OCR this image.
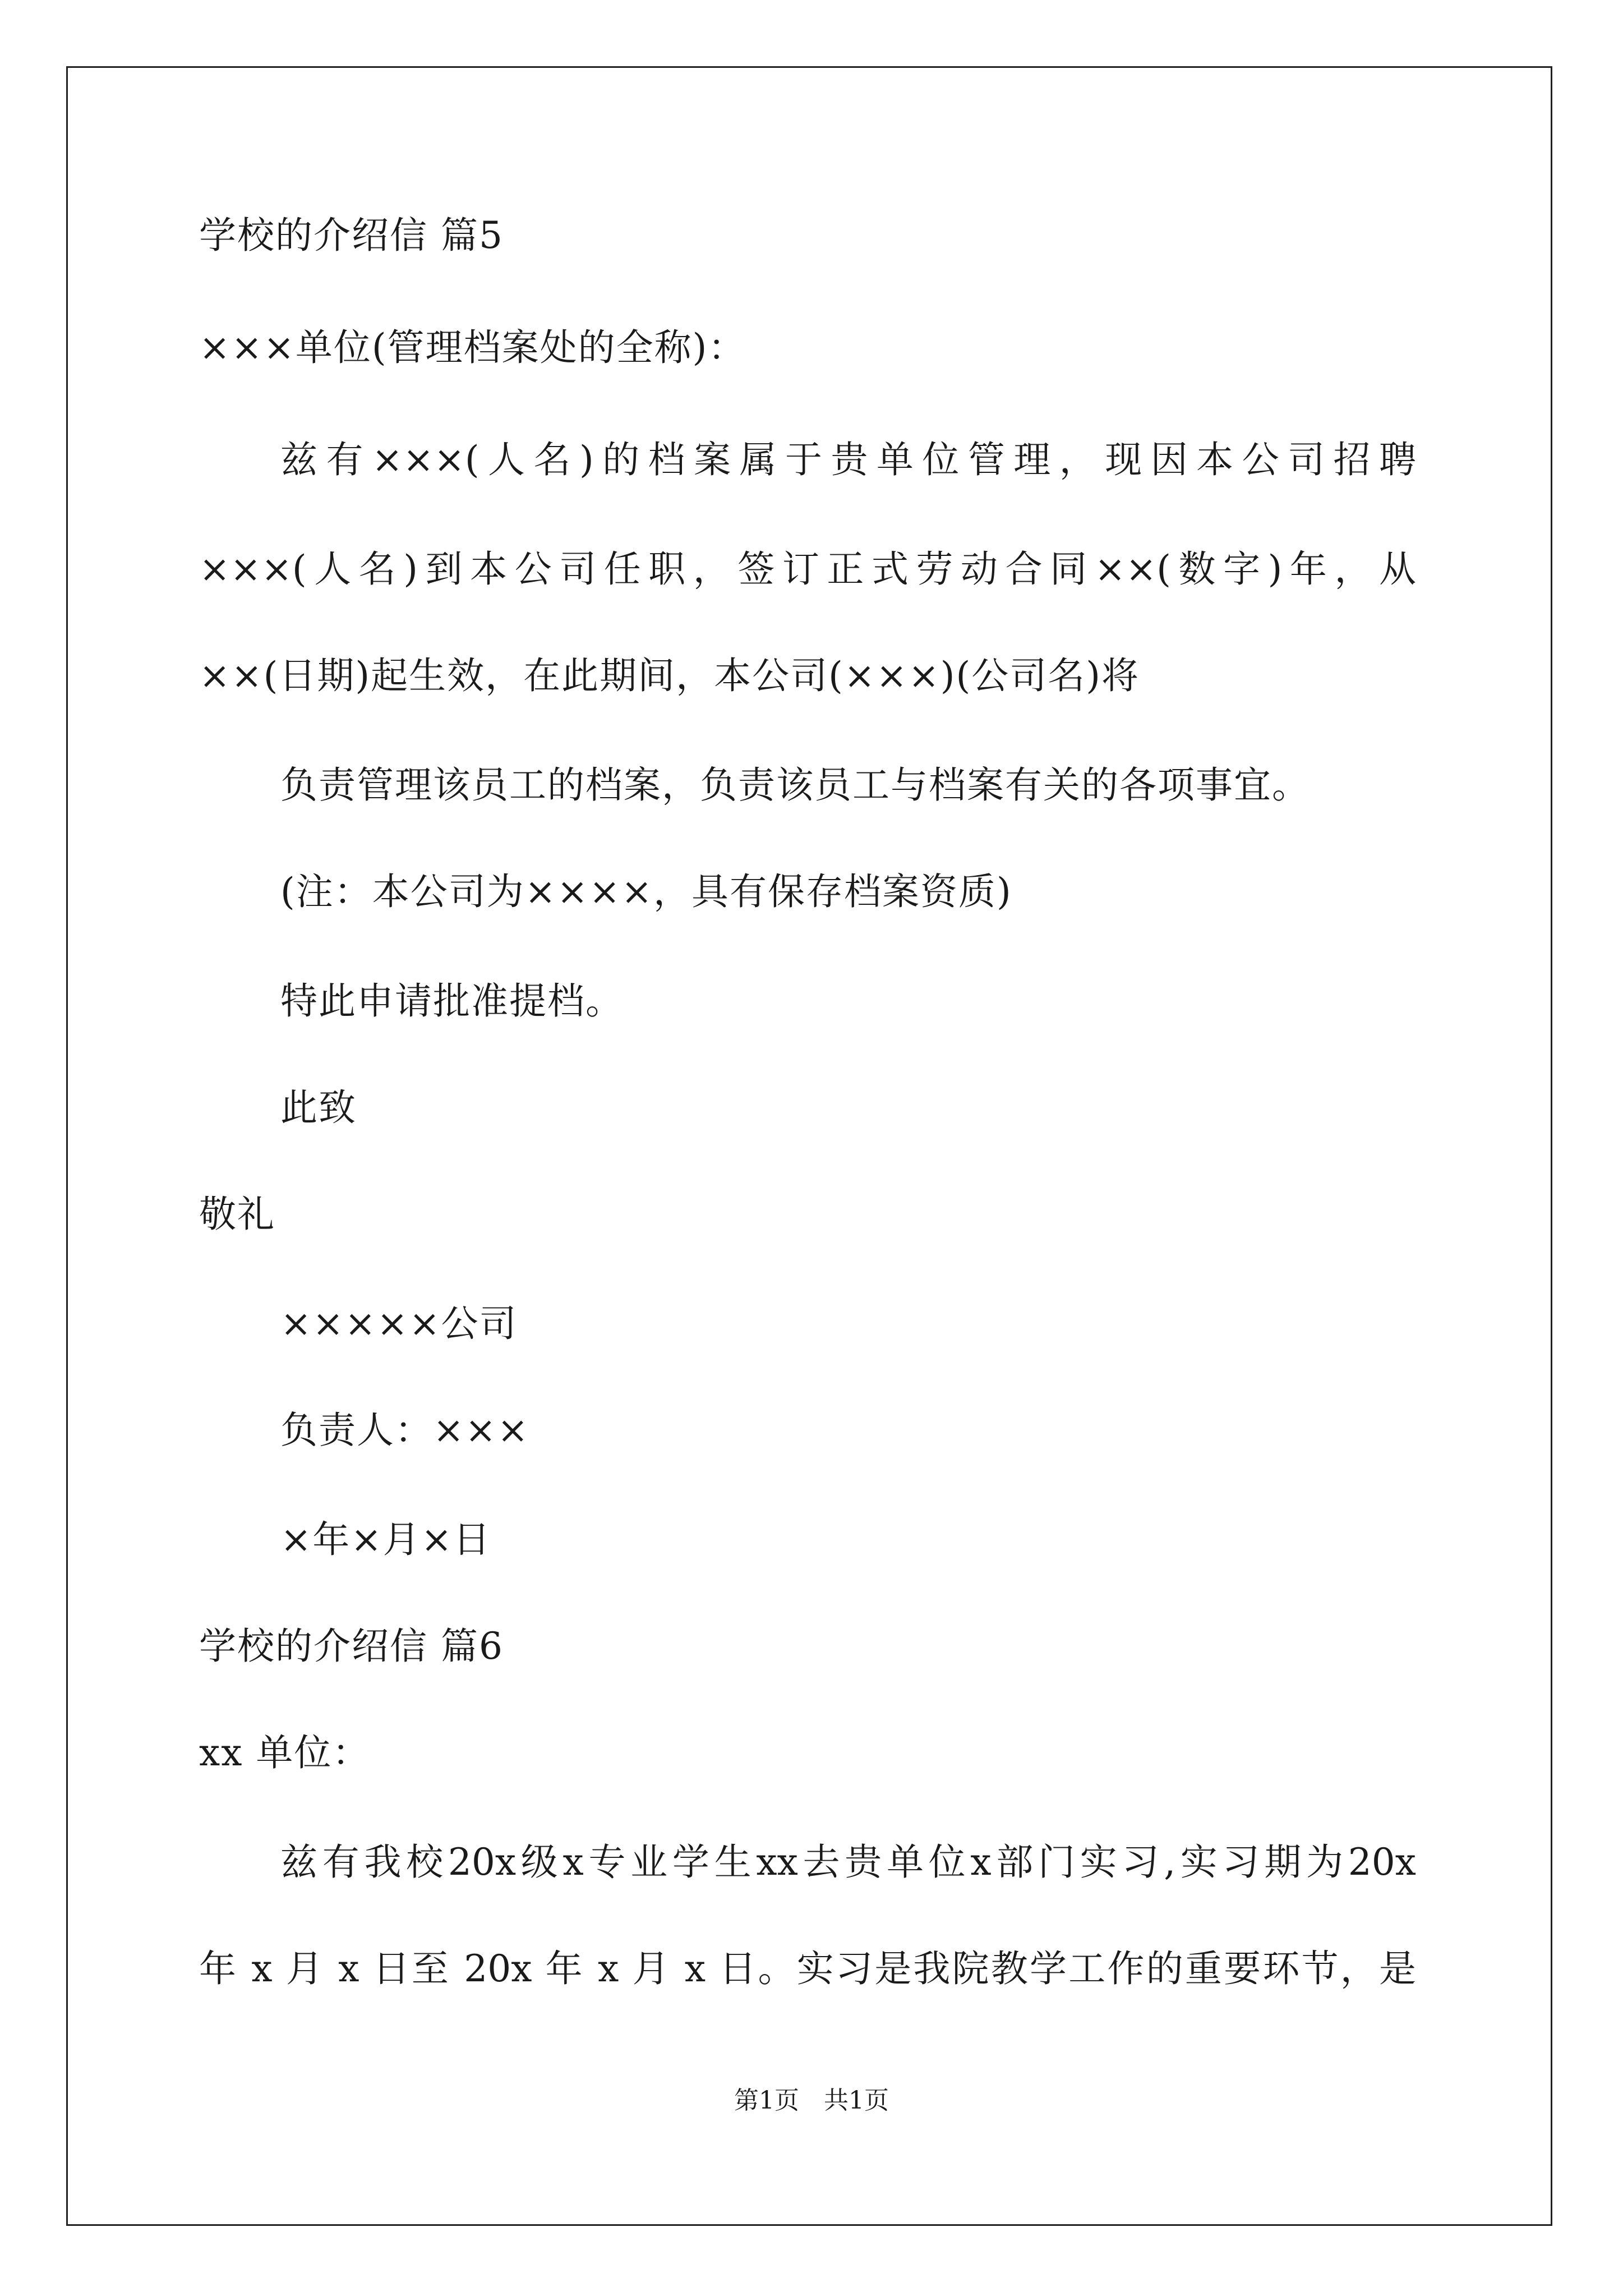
学校的介绍信 篇5
×××单位(管理档案处的全称)：
兹有×××(人名)的档案属于贵单位管理，现因本公司招聘
×××(人名)到本公司任职，签订正式劳动合同××(数字)年，从
××(日期)起生效，在此期间，本公司(×××)(公司名)将
负责管理该员工的档案，负责该员工与档案有关的各项事宜。
(注：本公司为××××，具有保存档案资质)
特此申请批准提档。
此致
敬礼
×××××公司
负责人：×××
×年×月×日
学校的介绍信 篇6
xx 单位：
兹有我校20x级x专业学生xx去贵单位x部门实习,实习期为20x
年 x 月 x 日至 20x 年 x 月 x 日。实习是我院教学工作的重要环节，是
第1页　共1页
